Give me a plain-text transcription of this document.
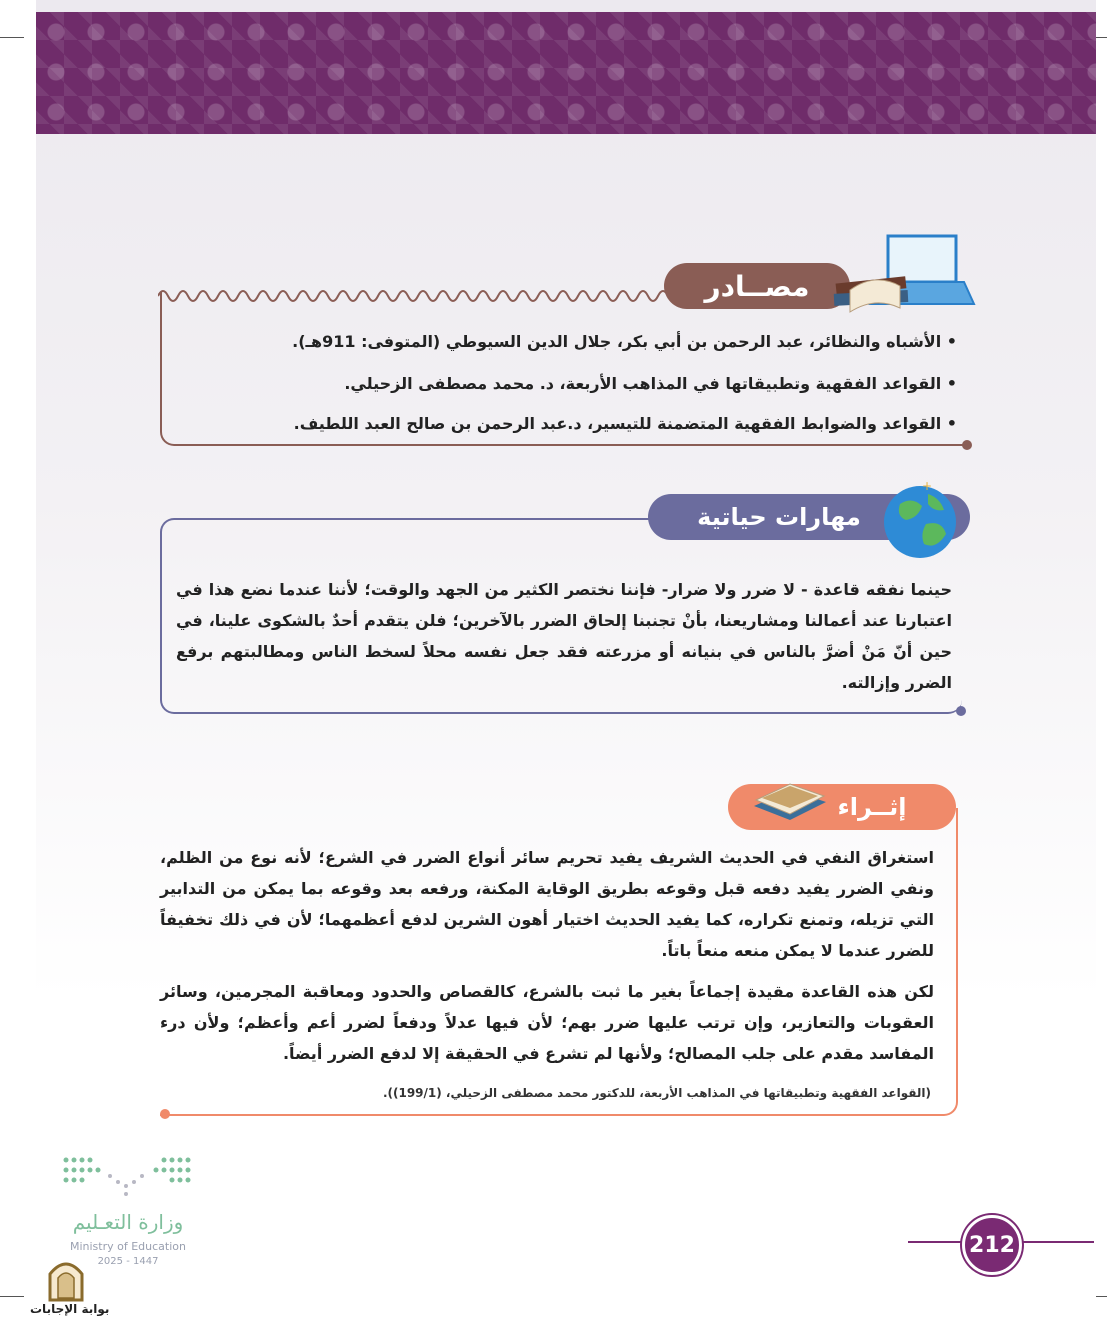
مصــادر
• الأشباه والنظائر، عبد الرحمن بن أبي بكر، جلال الدين السيوطي (المتوفى: 911هـ).
• القواعد الفقهية وتطبيقاتها في المذاهب الأربعة، د. محمد مصطفى الزحيلي.
• القواعد والضوابط الفقهية المتضمنة للتيسير، د.عبد الرحمن بن صالح العبد اللطيف.
مهارات حياتية
+
حينما نفقه قاعدة - لا ضرر ولا ضرار- فإننا نختصر الكثير من الجهد والوقت؛ لأننا عندما نضع هذا في اعتبارنا عند أعمالنا ومشاريعنا، بأنْ تجنبنا إلحاق الضرر بالآخرين؛ فلن يتقدم أحدٌ بالشكوى علينا، في حين أنّ مَنْ أضرَّ بالناس في بنيانه أو مزرعته فقد جعل نفسه محلاً لسخط الناس ومطالبتهم برفع الضرر وإزالته.
إثــراء
استغراق النفي في الحديث الشريف يفيد تحريم سائر أنواع الضرر في الشرع؛ لأنه نوع من الظلم، ونفي الضرر يفيد دفعه قبل وقوعه بطريق الوقاية المكنة، ورفعه بعد وقوعه بما يمكن من التدابير التي تزيله، وتمنع تكراره، كما يفيد الحديث اختيار أهون الشرين لدفع أعظمهما؛ لأن في ذلك تخفيفاً للضرر عندما لا يمكن منعه منعاً باتاً.
لكن هذه القاعدة مقيدة إجماعاً بغير ما ثبت بالشرع، كالقصاص والحدود ومعاقبة المجرمين، وسائر العقوبات والتعازير، وإن ترتب عليها ضرر بهم؛ لأن فيها عدلاً ودفعاً لضرر أعم وأعظم؛ ولأن درء المفاسد مقدم على جلب المصالح؛ ولأنها لم تشرع في الحقيقة إلا لدفع الضرر أيضاً.
(القواعد الفقهية وتطبيقاتها في المذاهب الأربعة، للدكتور محمد مصطفى الزحيلي، (199/1)).
وزارة التعـليم
Ministry of Education
2025 - 1447
بوابة الإجابات
212
